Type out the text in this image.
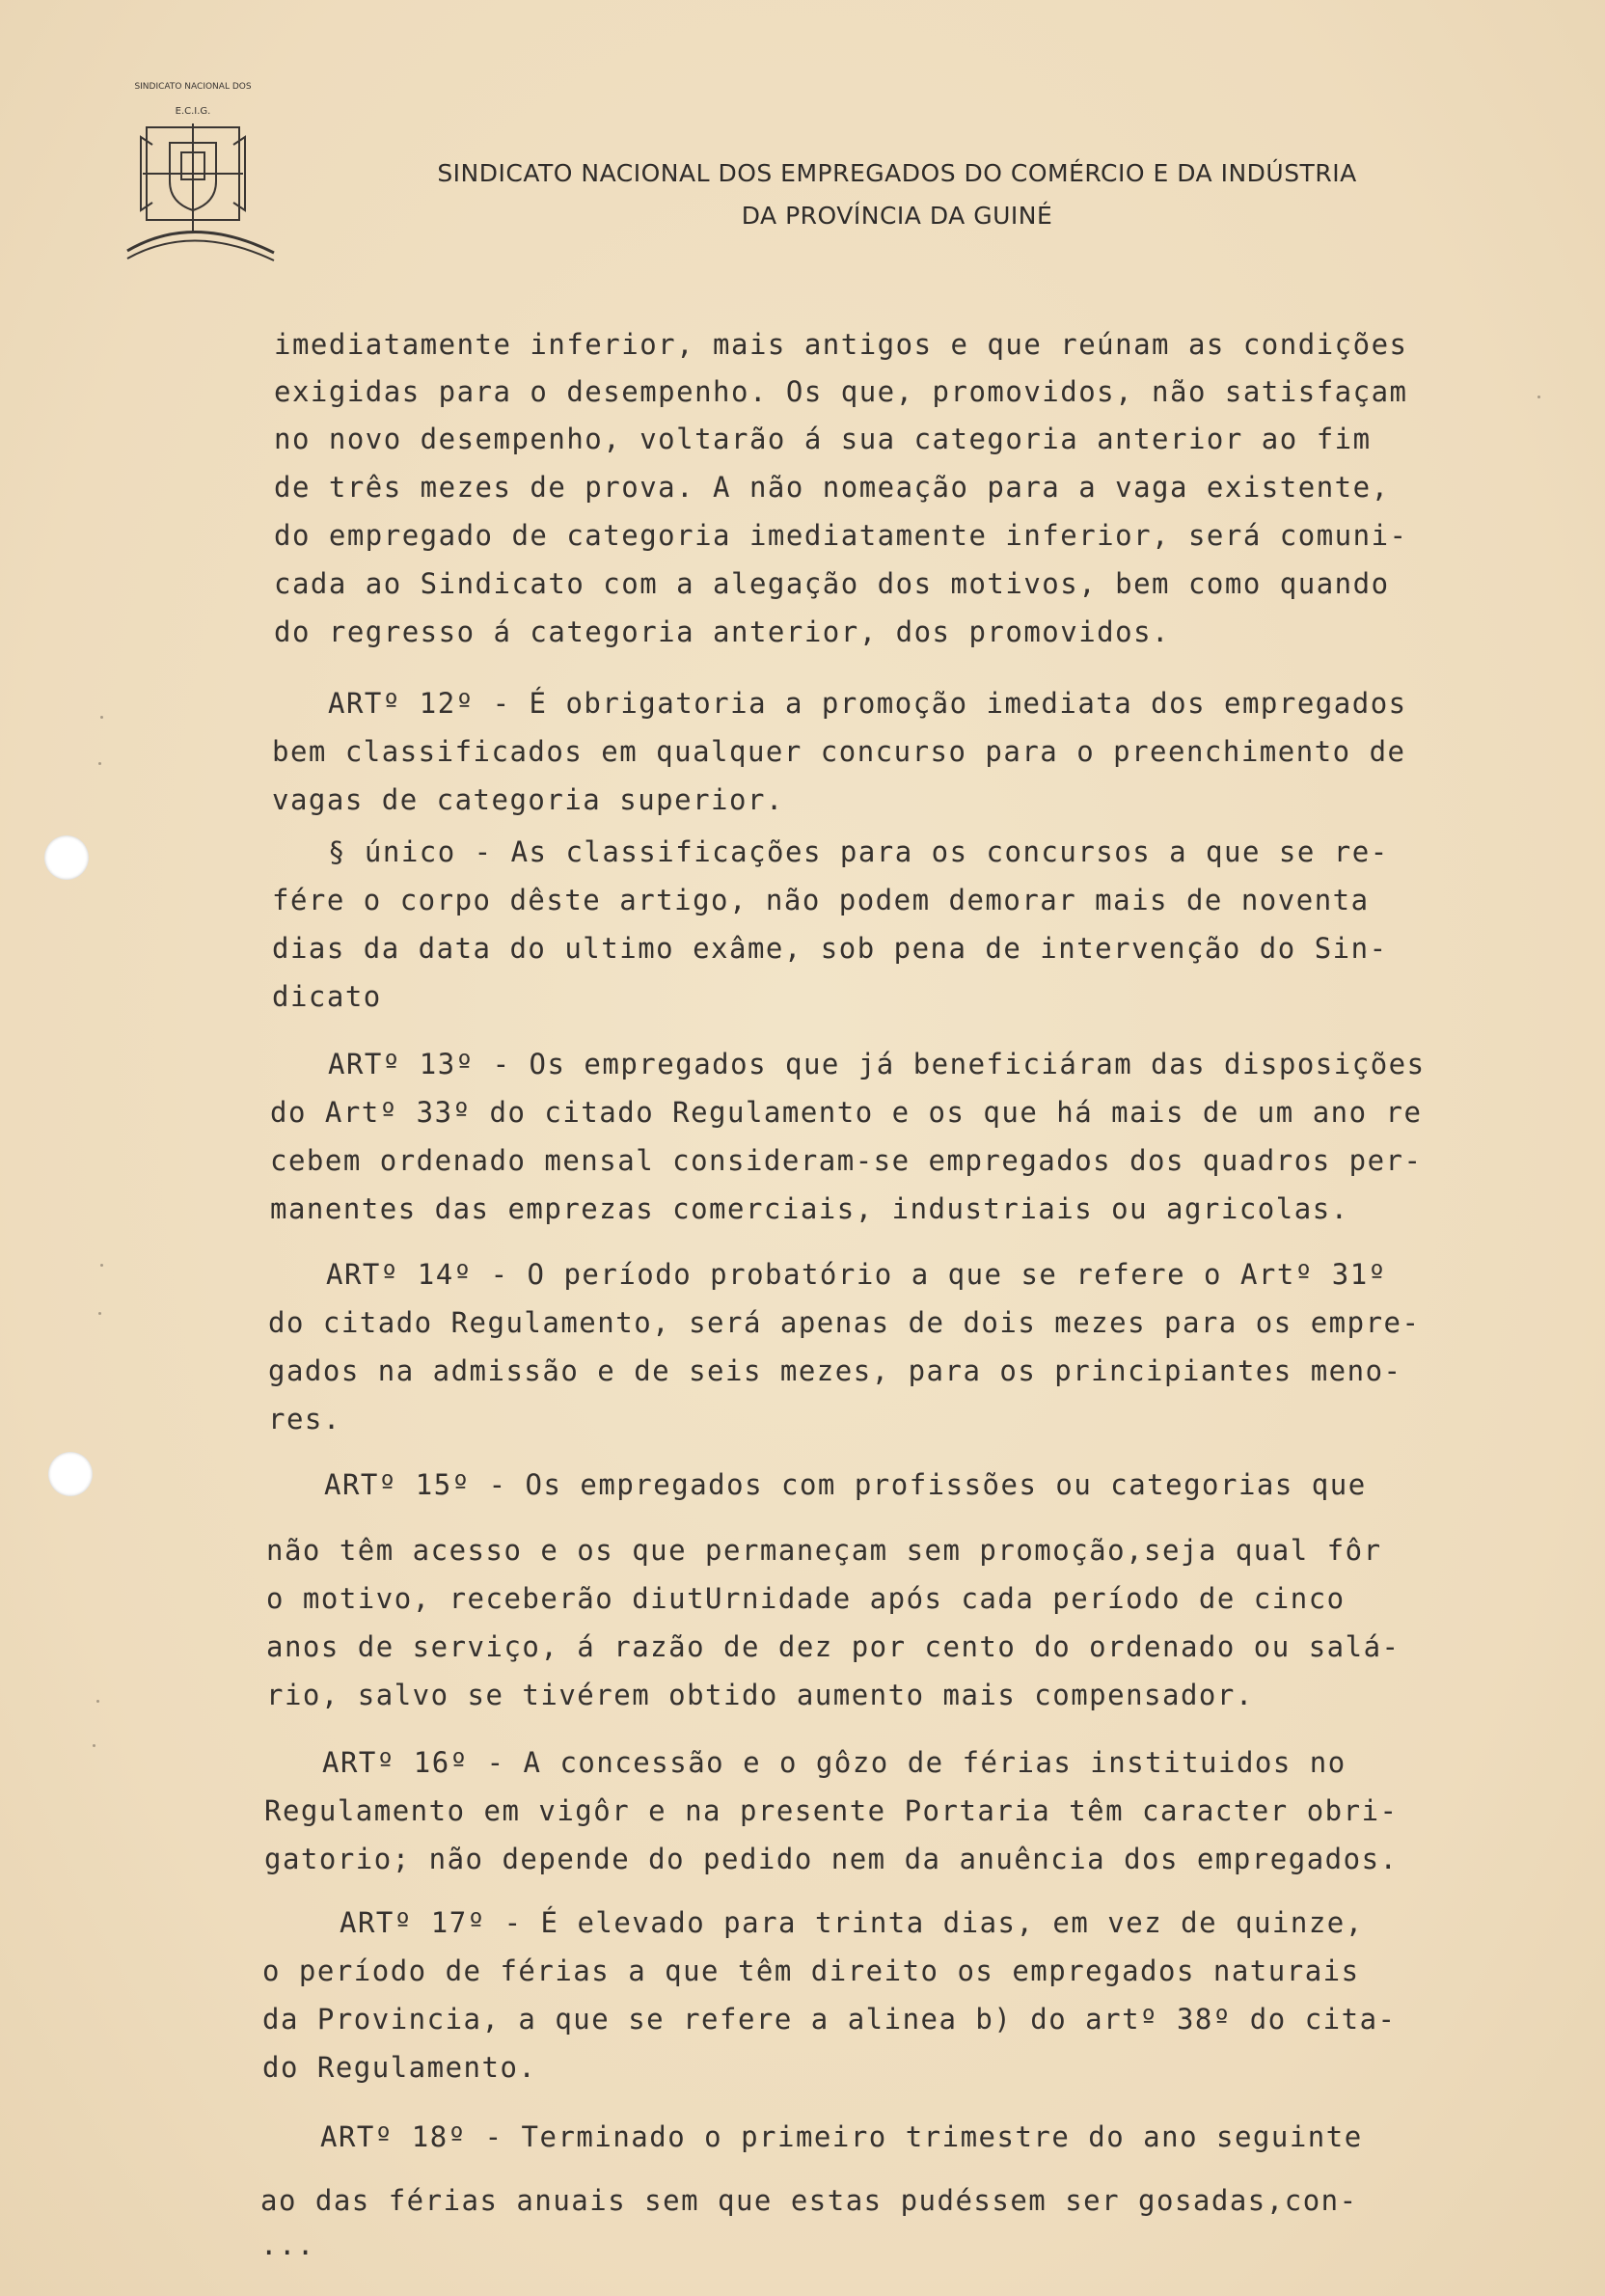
SINDICATO NACIONAL DOS
E.C.I.G.
SINDICATO NACIONAL DOS EMPREGADOS DO COMÉRCIO E DA INDÚSTRIA
DA PROVÍNCIA DA GUINÉ
imediatamente inferior, mais antigos e que reúnam as condições
exigidas para o desempenho. Os que, promovidos, não satisfaçam
no novo desempenho, voltarão á sua categoria anterior ao fim
de três mezes de prova. A não nomeação para a vaga existente,
do empregado de categoria imediatamente inferior, será comuni-
cada ao Sindicato com a alegação dos motivos, bem como quando
do regresso á categoria anterior, dos promovidos.
ARTº 12º - É obrigatoria a promoção imediata dos empregados
bem classificados em qualquer concurso para o preenchimento de
vagas de categoria superior.
§ único - As classificações para os concursos a que se re-
fére o corpo dêste artigo, não podem demorar mais de noventa
dias da data do ultimo exâme, sob pena de intervenção do Sin-
dicato
ARTº 13º - Os empregados que já beneficiáram das disposições
do Artº 33º do citado Regulamento e os que há mais de um ano re
cebem ordenado mensal consideram-se empregados dos quadros per-
manentes das emprezas comerciais, industriais ou agricolas.
ARTº 14º - O período probatório a que se refere o Artº 31º
do citado Regulamento, será apenas de dois mezes para os empre-
gados na admissão e de seis mezes, para os principiantes meno-
res.
ARTº 15º - Os empregados com profissões ou categorias que
não têm acesso e os que permaneçam sem promoção,seja qual fôr
o motivo, receberão diutUrnidade após cada período de cinco
anos de serviço, á razão de dez por cento do ordenado ou salá-
rio, salvo se tivérem obtido aumento mais compensador.
ARTº 16º - A concessão e o gôzo de férias instituidos no
Regulamento em vigôr e na presente Portaria têm caracter obri-
gatorio; não depende do pedido nem da anuência dos empregados.
ARTº 17º - É elevado para trinta dias, em vez de quinze,
o período de férias a que têm direito os empregados naturais
da Provincia, a que se refere a alinea b) do artº 38º do cita-
do Regulamento.
ARTº 18º - Terminado o primeiro trimestre do ano seguinte
ao das férias anuais sem que estas pudéssem ser gosadas,con-
...
